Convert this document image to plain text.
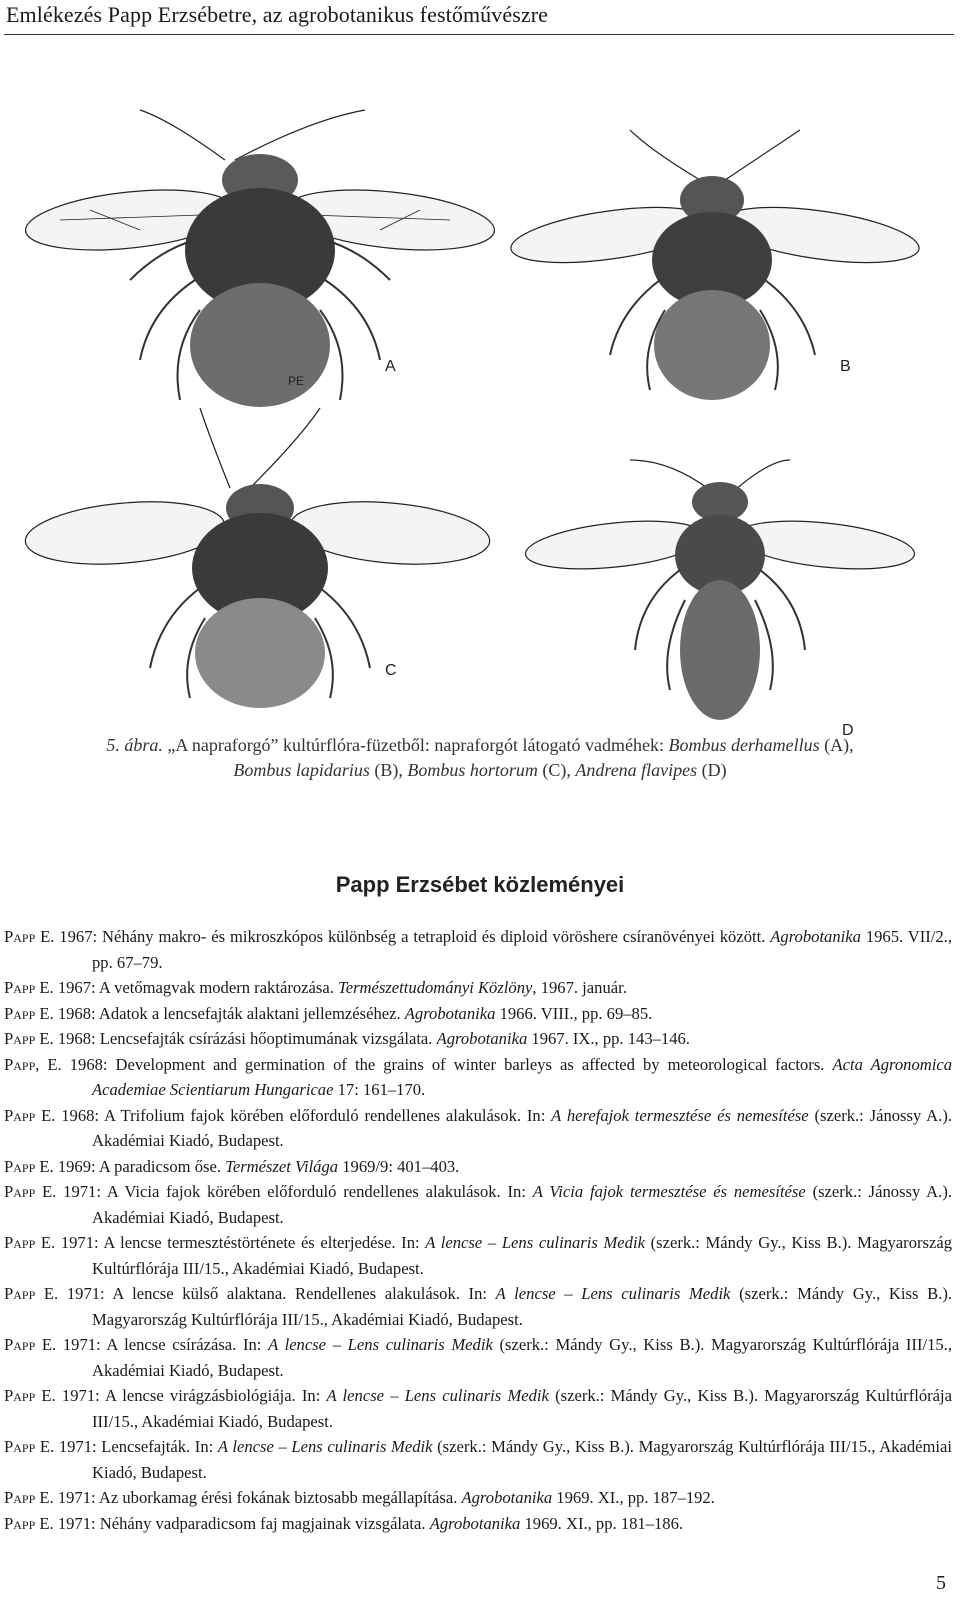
Emlékezés Papp Erzsébetre, az agrobotanikus festőművészre
PE
A	B
C
D
5. ábra. „A napraforgó” kultúrflóra-füzetből: napraforgót látogató vadméhek: Bombus derhamellus (A),
Bombus lapidarius (B), Bombus hortorum (C), Andrena flavipes (D)
Papp Erzsébet közleményei
Papp E. 1967: Néhány makro- és mikroszkópos különbség a tetraploid és diploid vöröshere csíranövényei között. Agrobotanika 1965. VII/2., pp. 67–79.
Papp E. 1967: A vetőmagvak modern raktározása. Természettudományi Közlöny, 1967. január.
Papp E. 1968: Adatok a lencsefajták alaktani jellemzéséhez. Agrobotanika 1966. VIII., pp. 69–85.
Papp E. 1968: Lencsefajták csírázási hőoptimumának vizsgálata. Agrobotanika 1967. IX., pp. 143–146.
Papp, E. 1968: Development and germination of the grains of winter barleys as affected by meteorological factors. Acta Agronomica Academiae Scientiarum Hungaricae 17: 161–170.
Papp E. 1968: A Trifolium fajok körében előforduló rendellenes alakulások. In: A herefajok termesztése és nemesítése (szerk.: Jánossy A.). Akadémiai Kiadó, Budapest.
Papp E. 1969: A paradicsom őse. Természet Világa 1969/9: 401–403.
Papp E. 1971: A Vicia fajok körében előforduló rendellenes alakulások. In: A Vicia fajok termesztése és nemesítése (szerk.: Jánossy A.). Akadémiai Kiadó, Budapest.
Papp E. 1971: A lencse termesztéstörténete és elterjedése. In: A lencse – Lens culinaris Medik (szerk.: Mándy Gy., Kiss B.). Magyarország Kultúrflórája III/15., Akadémiai Kiadó, Budapest.
Papp E. 1971: A lencse külső alaktana. Rendellenes alakulások. In: A lencse – Lens culinaris Medik (szerk.: Mándy Gy., Kiss B.). Magyarország Kultúrflórája III/15., Akadémiai Kiadó, Budapest.
Papp E. 1971: A lencse csírázása. In: A lencse – Lens culinaris Medik (szerk.: Mándy Gy., Kiss B.). Magyarország Kultúrflórája III/15., Akadémiai Kiadó, Budapest.
Papp E. 1971: A lencse virágzásbiológiája. In: A lencse – Lens culinaris Medik (szerk.: Mándy Gy., Kiss B.). Magyarország Kultúrflórája III/15., Akadémiai Kiadó, Budapest.
Papp E. 1971: Lencsefajták. In: A lencse – Lens culinaris Medik (szerk.: Mándy Gy., Kiss B.). Magyarország Kultúrflórája III/15., Akadémiai Kiadó, Budapest.
Papp E. 1971: Az uborkamag érési fokának biztosabb megállapítása. Agrobotanika 1969. XI., pp. 187–192.
Papp E. 1971: Néhány vadparadicsom faj magjainak vizsgálata. Agrobotanika 1969. XI., pp. 181–186.
5
